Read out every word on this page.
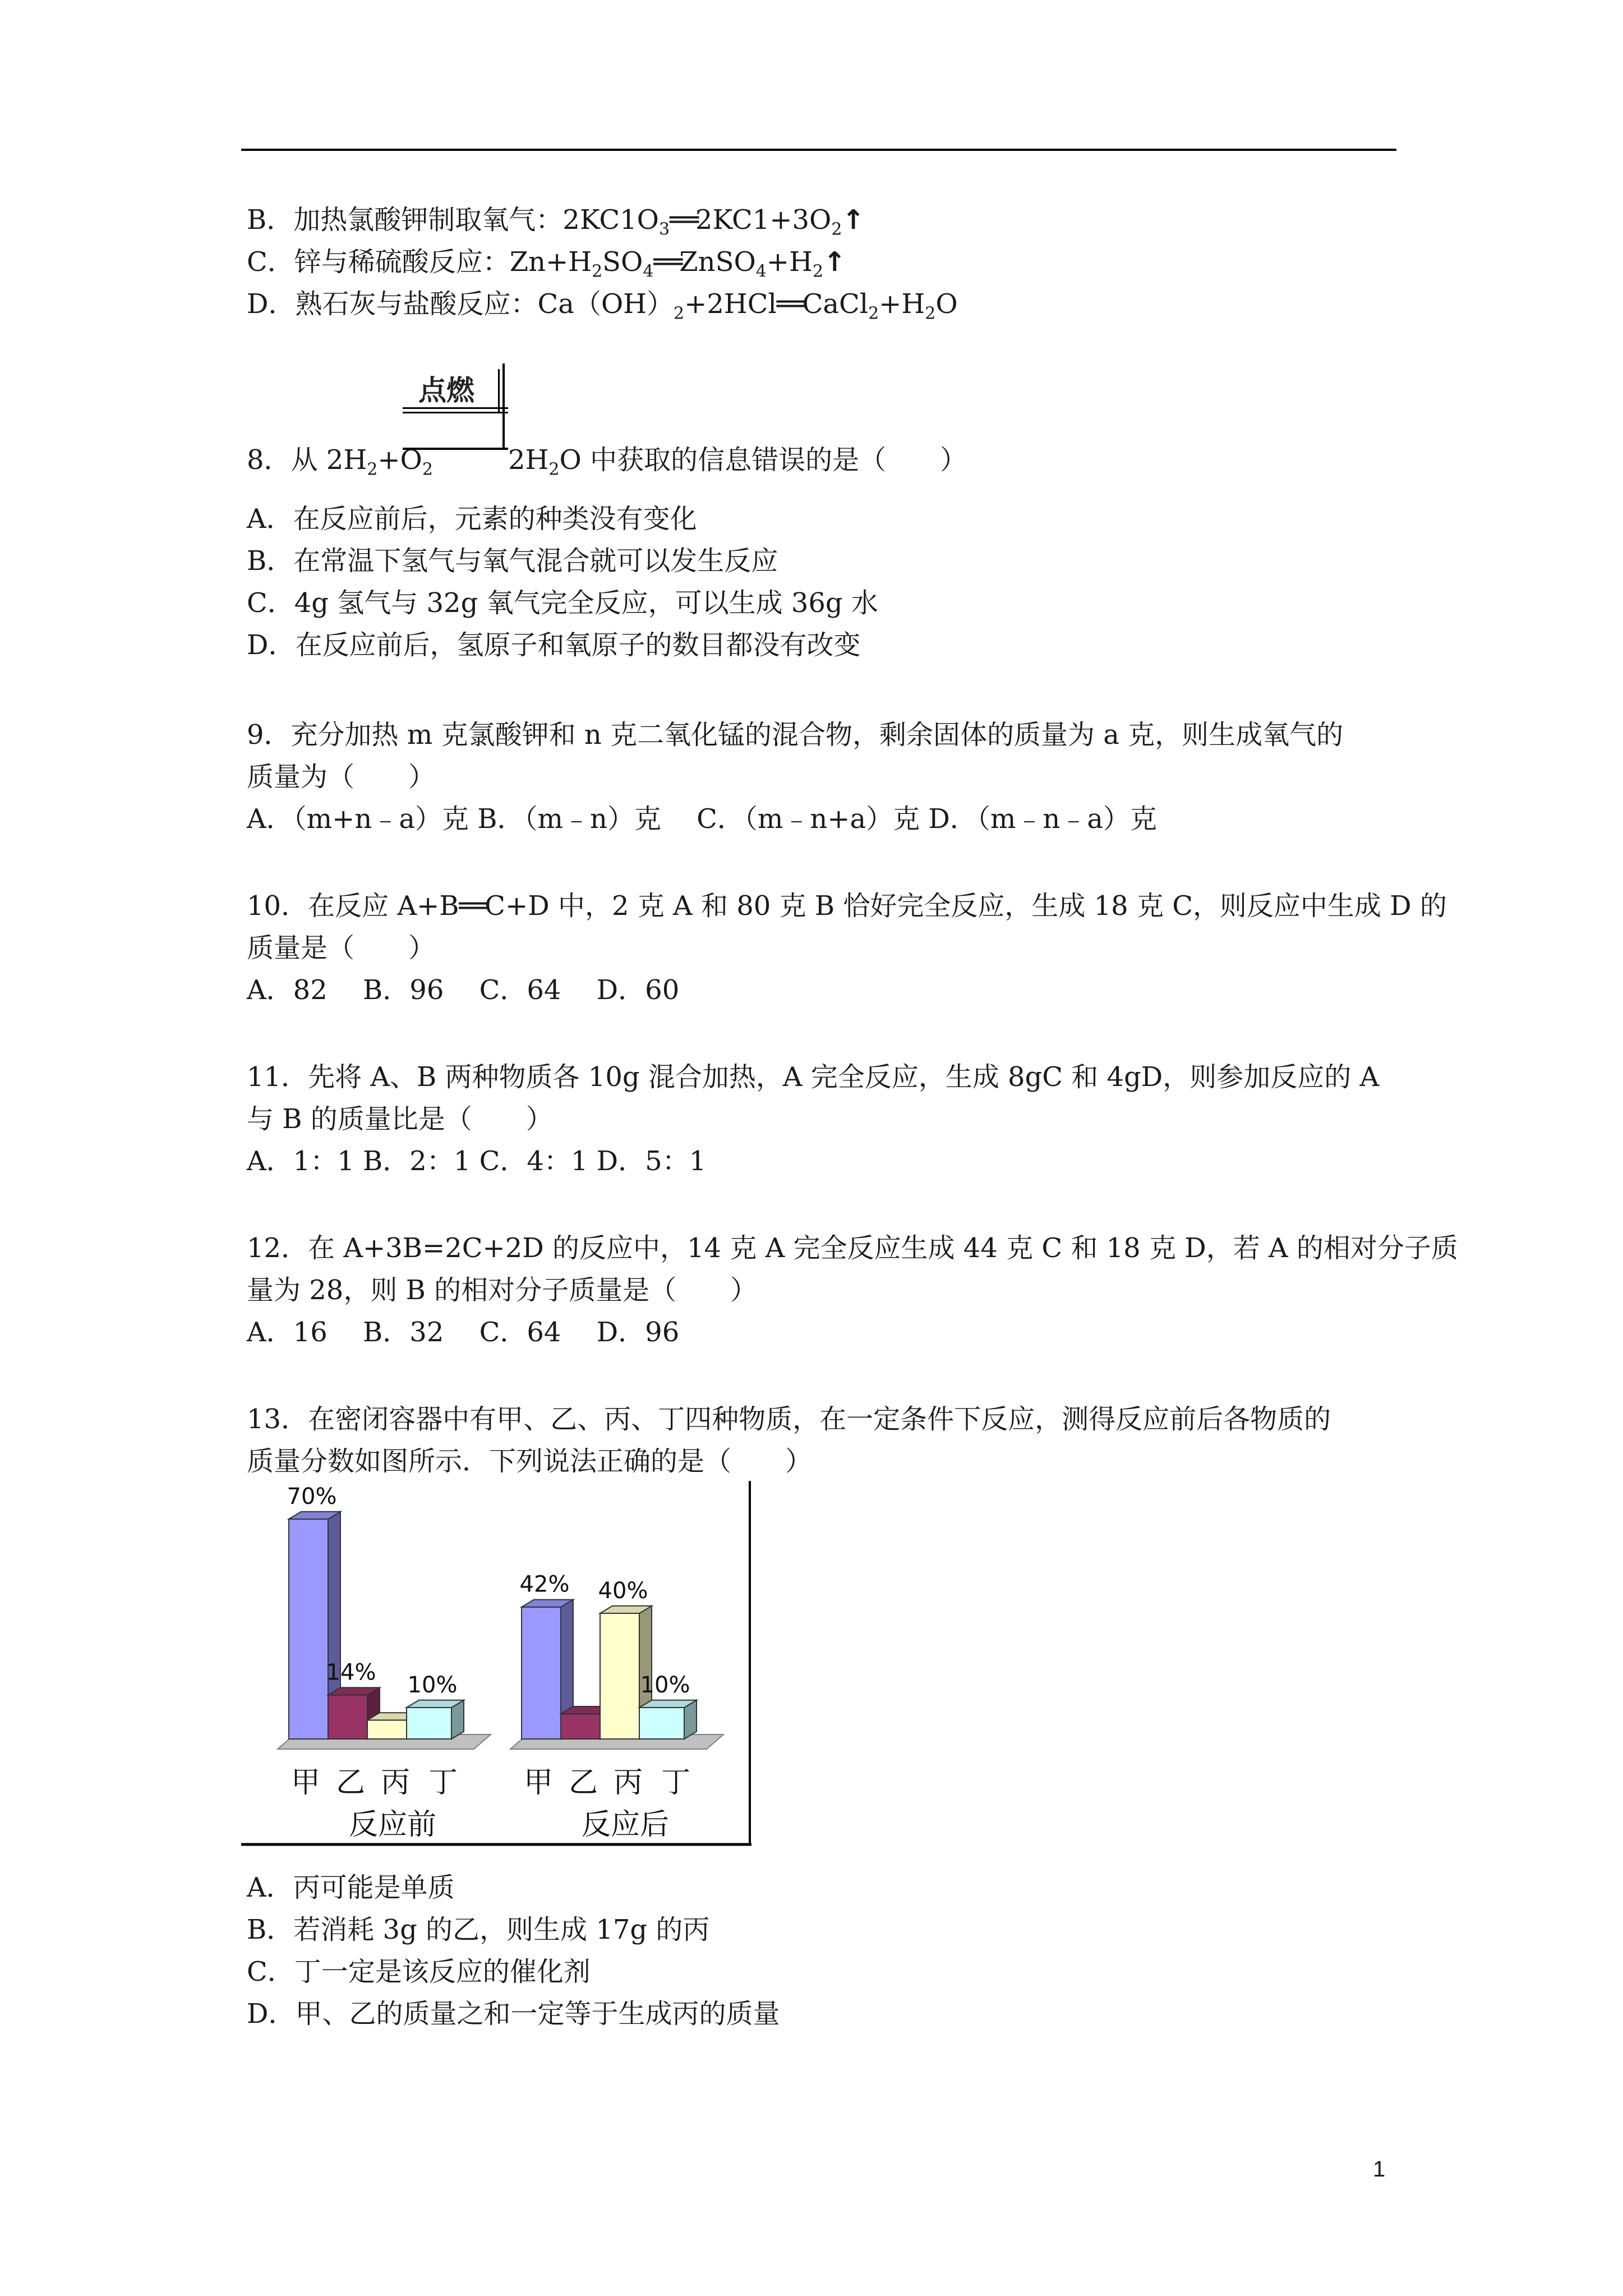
B．加热氯酸钾制取氧气：$2KC1O_3══2KC1+3O_2↑$
C．锌与稀硫酸反应：$Zn+H_2SO_4══ZnSO_4+H_2↑$
D．熟石灰与盐酸反应：$Ca(OH)_2+2HCl══CaCl_2+H_2O$
点燃
8．从 $2H_2+O_2$	$2H_2O$ 中获取的信息错误的是（　　）
A．在反应前后，元素的种类没有变化
B．在常温下氢气与氧气混合就可以发生反应
C．4g 氢气与 32g 氧气完全反应，可以生成 36g 水
D．在反应前后，氢原子和氧原子的数目都没有改变
9．充分加热 m 克氯酸钾和 n 克二氧化锰的混合物，剩余固体的质量为 a 克，则生成氧气的
质量为（　　）
A．（m+n﹣a）克 B．（m﹣n）克　 C．（m﹣n+a）克 D．（m﹣n﹣a）克
10．在反应 A+B══C+D 中，2 克 A 和 80 克 B 恰好完全反应，生成 18 克 C，则反应中生成 D 的
质量是（　　）
A．82　 B．96　 C．64　 D．60
11．先将 A、B 两种物质各 10g 混合加热，A 完全反应，生成 8gC 和 4gD，则参加反应的 A
与 B 的质量比是（　　）
A．1：1 B．2：1 C．4：1 D．5：1
12．在 A+3B=2C+2D 的反应中，14 克 A 完全反应生成 44 克 C 和 18 克 D，若 A 的相对分子质
量为 28，则 B 的相对分子质量是（　　）
A．16　 B．32　 C．64　 D．96
13．在密闭容器中有甲、乙、丙、丁四种物质，在一定条件下反应，测得反应前后各物质的
质量分数如图所示．下列说法正确的是（　　）
70%
14% 10%
甲 乙 丙 丁
反应前
42% 40%
10%
甲 乙 丙 丁
反应后
A．丙可能是单质
B．若消耗 3g 的乙，则生成 17g 的丙
C．丁一定是该反应的催化剂
D．甲、乙的质量之和一定等于生成丙的质量
1
